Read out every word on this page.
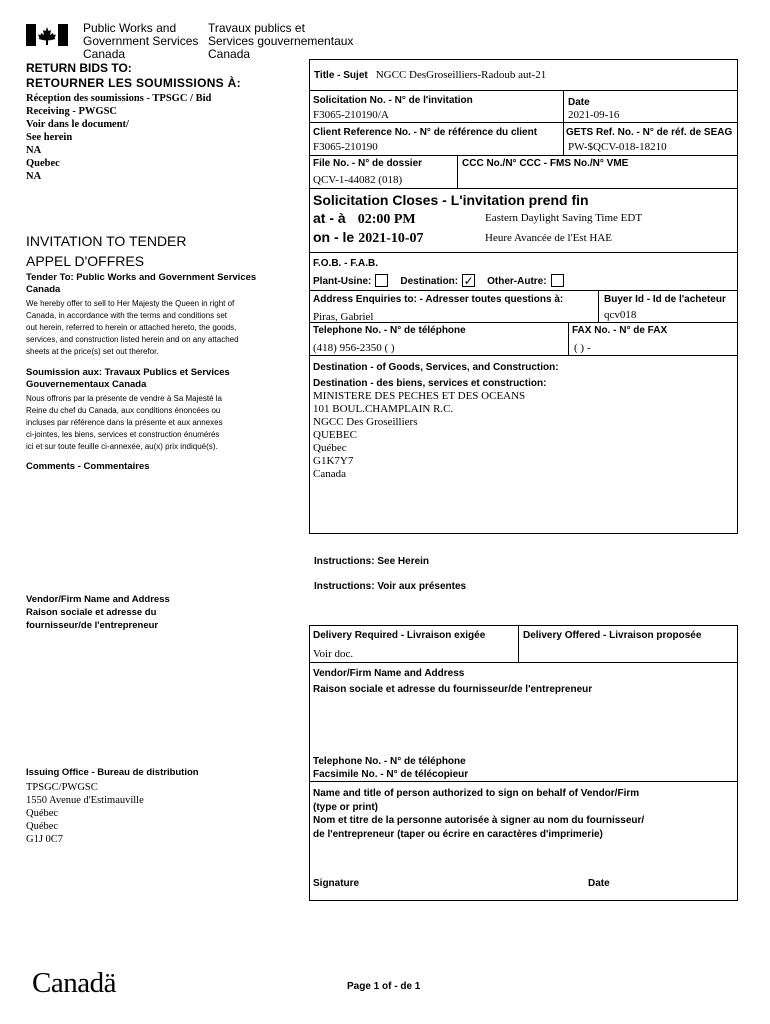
Public Works and
Government Services
Canada
Travaux publics et
Services gouvernementaux
Canada
RETURN BIDS TO:
RETOURNER LES SOUMISSIONS À:
Réception des soumissions - TPSGC / Bid
Receiving - PWGSC
Voir dans le document/
See herein
NA
Quebec
NA
INVITATION TO TENDER
APPEL D'OFFRES
Tender To: Public Works and Government Services Canada
We hereby offer to sell to Her Majesty the Queen in right of
Canada, in accordance with the terms and conditions set
out herein, referred to herein or attached hereto, the goods,
services, and construction listed herein and on any attached
sheets at the price(s) set out therefor.
Soumission aux: Travaux Publics et Services Gouvernementaux Canada
Nous offrons par la présente de vendre à Sa Majesté la
Reine du chef du Canada, aux conditions énoncées ou
incluses par référence dans la présente et aux annexes
ci-jointes, les biens, services et construction énumérés
ici et sur toute feuille ci-annexée, au(x) prix indiqué(s).
Comments - Commentaires
Vendor/Firm Name and Address
Raison sociale et adresse du
fournisseur/de l'entrepreneur
Issuing Office - Bureau de distribution
TPSGC/PWGSC
1550 Avenue d'Estimauville
Québec
Québec
G1J 0C7
Title - Sujet NGCC DesGroseilliers-Radoub aut-21
Solicitation No. - N° de l'invitation
F3065-210190/A
Date
2021-09-16
Client Reference No. - N° de référence du client
F3065-210190
GETS Ref. No. - N° de réf. de SEAG
PW-$QCV-018-18210
File No. - N° de dossier
QCV-1-44082 (018)
CCC No./N° CCC - FMS No./N° VME
Solicitation Closes - L'invitation prend fin
at - à 02:00 PM	Eastern Daylight Saving Time EDT
on - le 2021-10-07	Heure Avancée de l'Est HAE
F.O.B. - F.A.B.
Plant-Usine:	Destination: ✓ Other-Autre:
Address Enquiries to: - Adresser toutes questions à:
Piras, Gabriel
Buyer Id - Id de l'acheteur
qcv018
Telephone No. - N° de téléphone
(418) 956-2350 ( )
FAX No. - N° de FAX
( ) -
Destination - of Goods, Services, and Construction:
Destination - des biens, services et construction:
MINISTERE DES PECHES ET DES OCEANS
101 BOUL.CHAMPLAIN R.C.
NGCC Des Groseilliers
QUEBEC
Québec
G1K7Y7
Canada
Instructions: See Herein
Instructions: Voir aux présentes
Delivery Required - Livraison exigée
Voir doc.
Delivery Offered - Livraison proposée
Vendor/Firm Name and Address
Raison sociale et adresse du fournisseur/de l'entrepreneur
Telephone No. - N° de téléphone
Facsimile No. - N° de télécopieur
Name and title of person authorized to sign on behalf of Vendor/Firm
(type or print)
Nom et titre de la personne autorisée à signer au nom du fournisseur/
de l'entrepreneur (taper ou écrire en caractères d'imprimerie)
Signature	Date
Canadä	Page 1 of - de 1
